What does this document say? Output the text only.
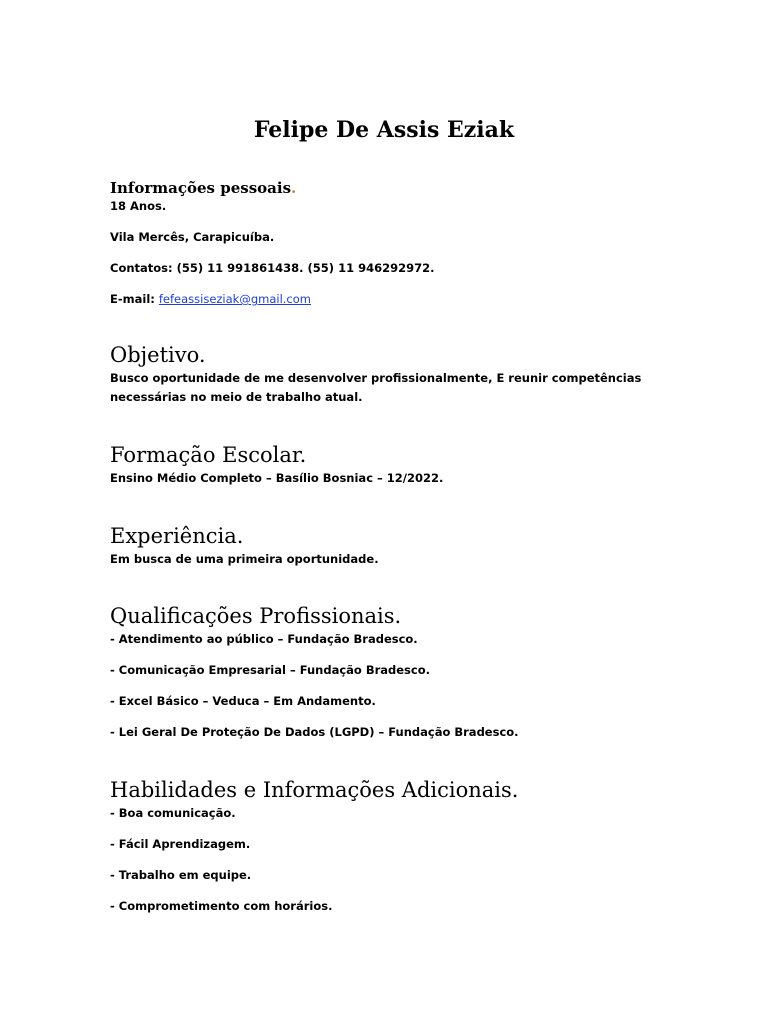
Felipe De Assis Eziak

Informações pessoais.

18 Anos.

Vila Mercês, Carapicuíba.

Contatos: (55) 11 991861438. (55) 11 946292972.

E-mail: fefeassiseziak@gmail.com

Objetivo.

Busco oportunidade de me desenvolver profissionalmente, E reunir competências

necessárias no meio de trabalho atual.

Formação Escolar.

Ensino Médio Completo – Basílio Bosniac – 12/2022.

Experiência.

Em busca de uma primeira oportunidade.

Qualificações Profissionais.

- Atendimento ao público – Fundação Bradesco.

- Comunicação Empresarial – Fundação Bradesco.

- Excel Básico – Veduca – Em Andamento.

- Lei Geral De Proteção De Dados (LGPD) – Fundação Bradesco.

Habilidades e Informações Adicionais.

- Boa comunicação.

- Fácil Aprendizagem.

- Trabalho em equipe.

- Comprometimento com horários.
